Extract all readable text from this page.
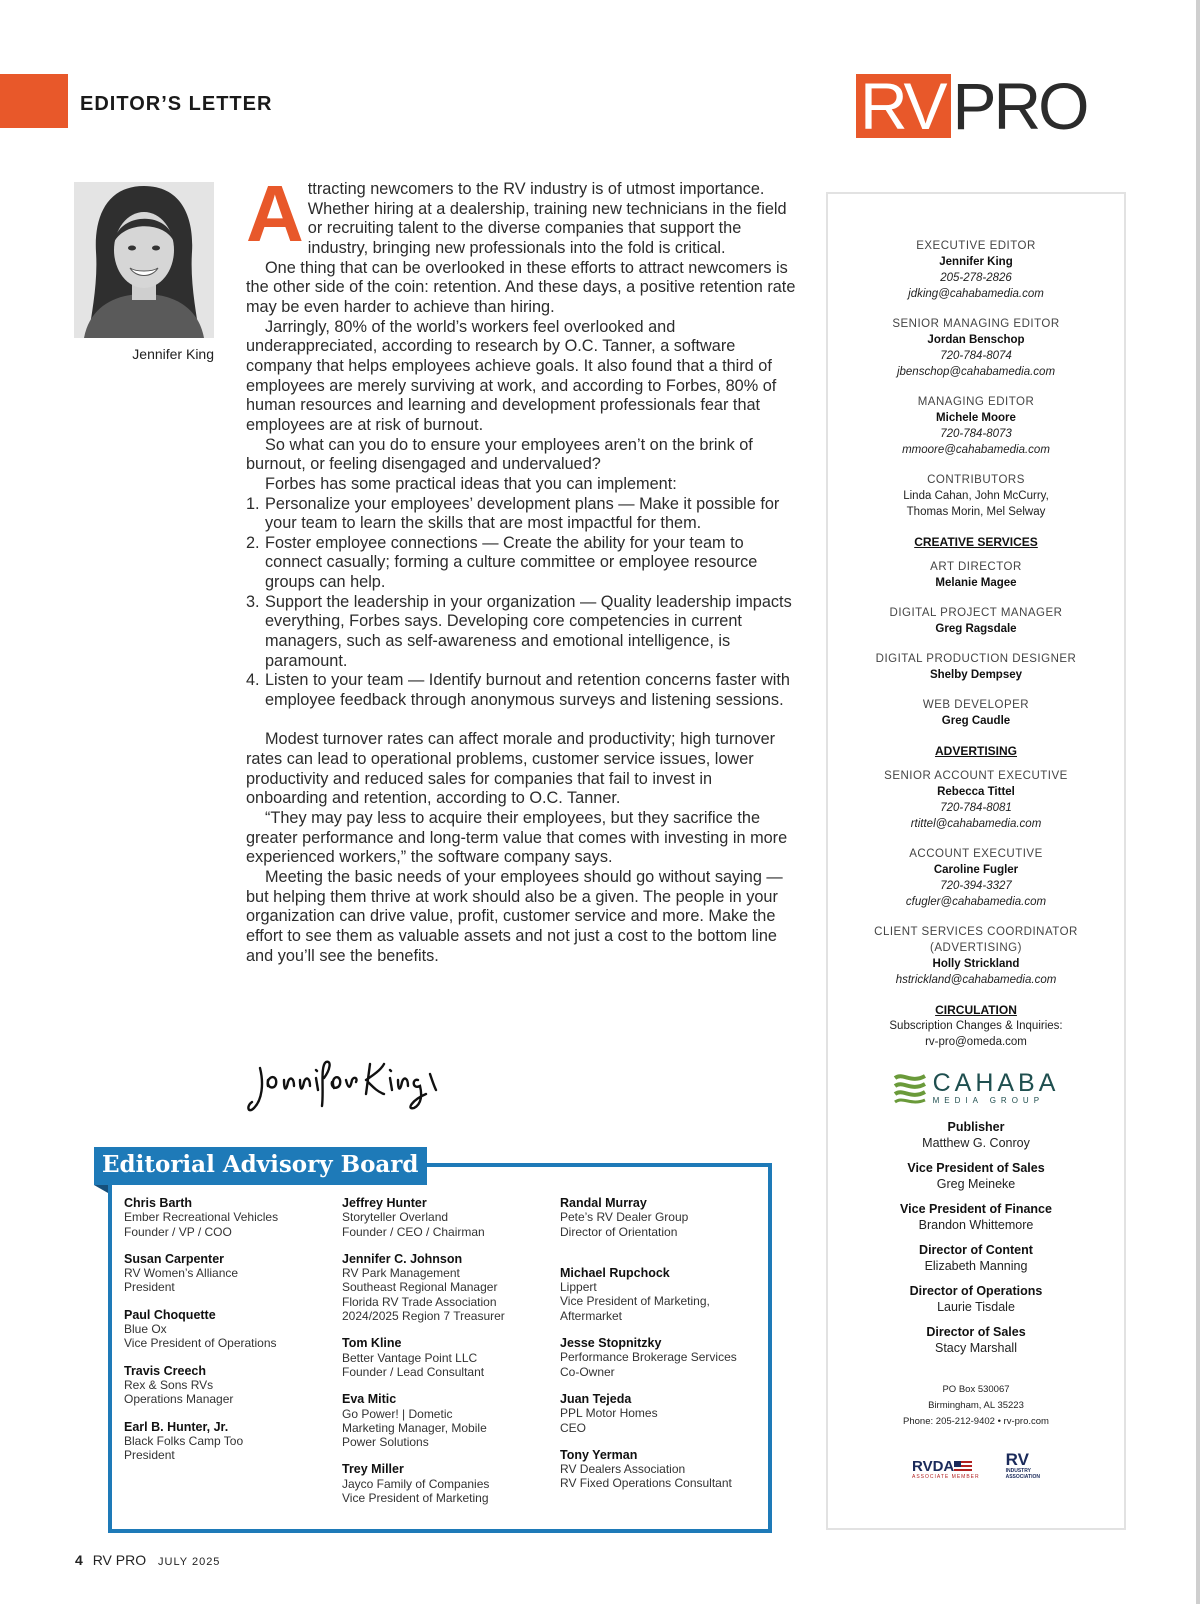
EDITOR’S LETTER	RV PRO
Jennifer King
A ttracting newcomers to the RV industry is of utmost importance. Whether hiring at a dealership, training new technicians in the field or recruiting talent to the diverse companies that support the industry, bringing new professionals into the fold is critical.

One thing that can be overlooked in these efforts to attract newcomers is the other side of the coin: retention. And these days, a positive retention rate may be even harder to achieve than hiring.

Jarringly, 80% of the world’s workers feel overlooked and underappreciated, according to research by O.C. Tanner, a software company that helps employees achieve goals. It also found that a third of employees are merely surviving at work, and according to Forbes, 80% of human resources and learning and development professionals fear that employees are at risk of burnout.

So what can you do to ensure your employees aren’t on the brink of burnout, or feeling disengaged and undervalued?

Forbes has some practical ideas that you can implement:

1. Personalize your employees’ development plans — Make it possible for your team to learn the skills that are most impactful for them.
2. Foster employee connections — Create the ability for your team to connect casually; forming a culture committee or employee resource groups can help.
3. Support the leadership in your organization — Quality leadership impacts everything, Forbes says. Developing core competencies in current managers, such as self-awareness and emotional intelligence, is paramount.
4. Listen to your team — Identify burnout and retention concerns faster with employee feedback through anonymous surveys and listening sessions.

Modest turnover rates can affect morale and productivity; high turnover rates can lead to operational problems, customer service issues, lower productivity and reduced sales for companies that fail to invest in onboarding and retention, according to O.C. Tanner.

“They may pay less to acquire their employees, but they sacrifice the greater performance and long-term value that comes with investing in more experienced workers,” the software company says.

Meeting the basic needs of your employees should go without saying — but helping them thrive at work should also be a given. The people in your organization can drive value, profit, customer service and more. Make the effort to see them as valuable assets and not just a cost to the bottom line and you’ll see the benefits.

EXECUTIVE EDITOR
Jennifer King
205-278-2826
jdking@cahabamedia.com
SENIOR MANAGING EDITOR
Jordan Benschop
720-784-8074
jbenschop@cahabamedia.com
MANAGING EDITOR
Michele Moore
720-784-8073
mmoore@cahabamedia.com
CONTRIBUTORS
Linda Cahan, John McCurry,
Thomas Morin, Mel Selway
CREATIVE SERVICES
ART DIRECTOR
Melanie Magee
DIGITAL PROJECT MANAGER
Greg Ragsdale
DIGITAL PRODUCTION DESIGNER
Shelby Dempsey
WEB DEVELOPER
Greg Caudle
ADVERTISING
SENIOR ACCOUNT EXECUTIVE
Rebecca Tittel
720-784-8081
rtittel@cahabamedia.com
ACCOUNT EXECUTIVE
Caroline Fugler
720-394-3327
cfugler@cahabamedia.com
CLIENT SERVICES COORDINATOR
(ADVERTISING)
Holly Strickland
hstrickland@cahabamedia.com
CIRCULATION
Subscription Changes & Inquiries:
rv-pro@omeda.com
CAHABA
MEDIA GROUP
Publisher
Matthew G. Conroy
Vice President of Sales
Greg Meineke
Vice President of Finance
Brandon Whittemore
Director of Content
Elizabeth Manning
Director of Operations
Laurie Tisdale
Director of Sales
Stacy Marshall
PO Box 530067
Birmingham, AL 35223
Phone: 205-212-9402 • rv-pro.com
RVDA
ASSOCIATE MEMBER
RV
INDUSTRY
ASSOCIATION
Editorial Advisory Board
Chris Barth
Ember Recreational Vehicles
Founder / VP / COO
Susan Carpenter
RV Women’s Alliance
President
Paul Choquette
Blue Ox
Vice President of Operations
Travis Creech
Rex & Sons RVs
Operations Manager
Earl B. Hunter, Jr.
Black Folks Camp Too
President
Jeffrey Hunter
Storyteller Overland
Founder / CEO / Chairman
Jennifer C. Johnson
RV Park Management
Southeast Regional Manager
Florida RV Trade Association
2024/2025 Region 7 Treasurer
Tom Kline
Better Vantage Point LLC
Founder / Lead Consultant
Eva Mitic
Go Power! | Dometic
Marketing Manager, Mobile
Power Solutions
Trey Miller
Jayco Family of Companies
Vice President of Marketing
Randal Murray
Pete’s RV Dealer Group
Director of Orientation
Michael Rupchock
Lippert
Vice President of Marketing,
Aftermarket
Jesse Stopnitzky
Performance Brokerage Services
Co-Owner
Juan Tejeda
PPL Motor Homes
CEO
Tony Yerman
RV Dealers Association
RV Fixed Operations Consultant
4 RV PRO JULY 2025
